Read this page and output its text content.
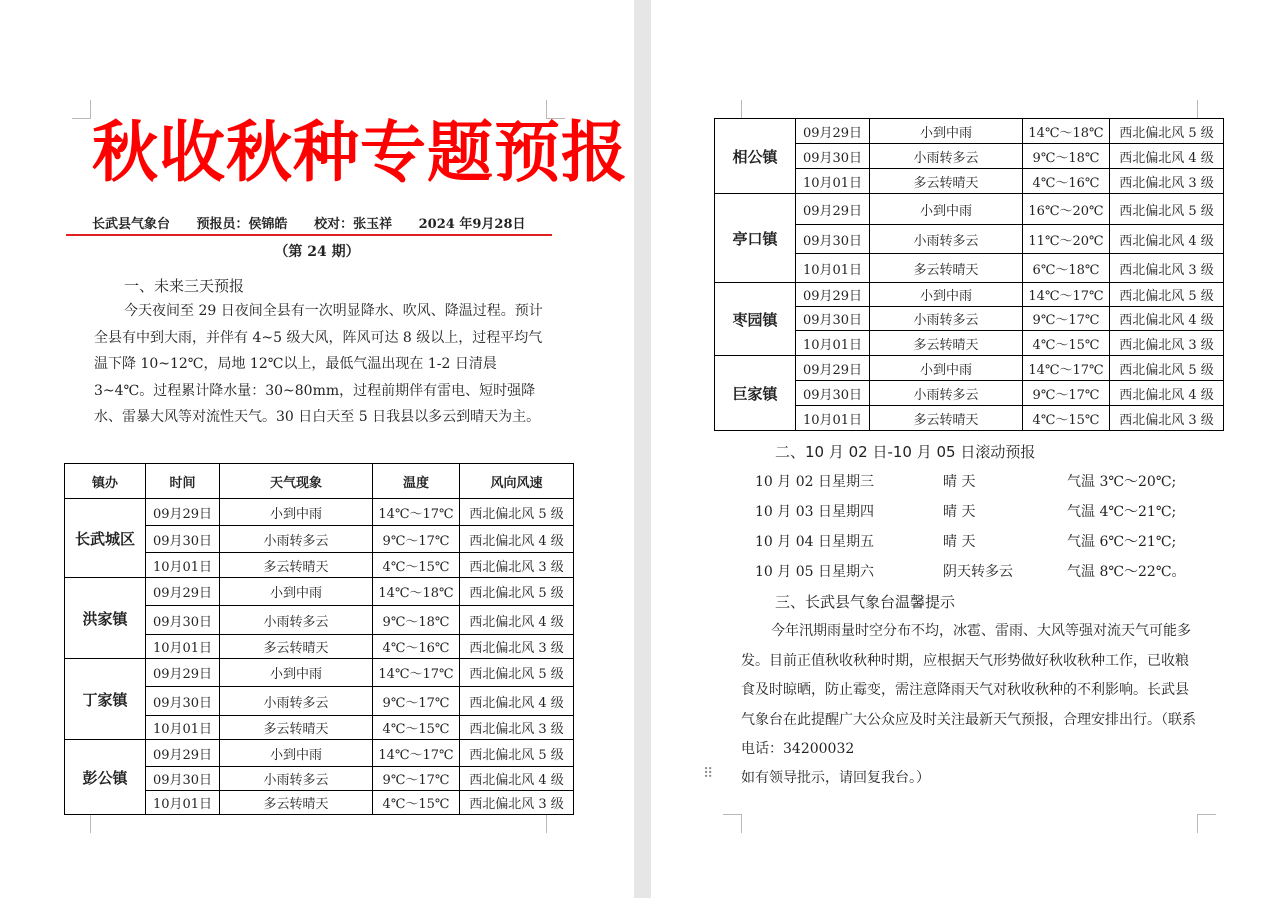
秋收秋种专题预报
长武县气象台 预报员：侯锦皓 校对：张玉祥 2024 年9月28日
（第 24 期）
一、未来三天预报
今天夜间至 29 日夜间全县有一次明显降水、吹风、降温过程。预计全县有中到大雨，并伴有 4~5 级大风，阵风可达 8 级以上，过程平均气温下降 10~12℃，局地 12℃以上，最低气温出现在 1-2 日清晨 3~4℃。过程累计降水量：30~80mm，过程前期伴有雷电、短时强降水、雷暴大风等对流性天气。30 日白天至 5 日我县以多云到晴天为主。
镇办	时间	天气现象	温度	风向风速
长武城区	09月29日	小到中雨	14℃～17℃	西北偏北风 5 级
	09月30日	小雨转多云	9℃～17℃	西北偏北风 4 级
	10月01日	多云转晴天	4℃～15℃	西北偏北风 3 级
洪家镇	09月29日	小到中雨	14℃～18℃	西北偏北风 5 级
	09月30日	小雨转多云	9℃～18℃	西北偏北风 4 级
	10月01日	多云转晴天	4℃～16℃	西北偏北风 3 级
丁家镇	09月29日	小到中雨	14℃～17℃	西北偏北风 5 级
	09月30日	小雨转多云	9℃～17℃	西北偏北风 4 级
	10月01日	多云转晴天	4℃～15℃	西北偏北风 3 级
彭公镇	09月29日	小到中雨	14℃～17℃	西北偏北风 5 级
	09月30日	小雨转多云	9℃～17℃	西北偏北风 4 级
	10月01日	多云转晴天	4℃～15℃	西北偏北风 3 级
相公镇	09月29日	小到中雨	14℃～18℃	西北偏北风 5 级
	09月30日	小雨转多云	9℃～18℃	西北偏北风 4 级
	10月01日	多云转晴天	4℃～16℃	西北偏北风 3 级
亭口镇	09月29日	小到中雨	16℃～20℃	西北偏北风 5 级
	09月30日	小雨转多云	11℃～20℃	西北偏北风 4 级
	10月01日	多云转晴天	6℃～18℃	西北偏北风 3 级
枣园镇	09月29日	小到中雨	14℃～17℃	西北偏北风 5 级
	09月30日	小雨转多云	9℃～17℃	西北偏北风 4 级
	10月01日	多云转晴天	4℃～15℃	西北偏北风 3 级
巨家镇	09月29日	小到中雨	14℃～17℃	西北偏北风 5 级
	09月30日	小雨转多云	9℃～17℃	西北偏北风 4 级
	10月01日	多云转晴天	4℃～15℃	西北偏北风 3 级
二、10 月 02 日-10 月 05 日滚动预报
10 月 02 日星期三	晴 天	气温 3℃～20℃;
10 月 03 日星期四	晴 天	气温 4℃～21℃;
10 月 04 日星期五	晴 天	气温 6℃～21℃;
10 月 05 日星期六	阴天转多云	气温 8℃～22℃。
三、长武县气象台温馨提示
今年汛期雨量时空分布不均，冰雹、雷雨、大风等强对流天气可能多发。目前正值秋收秋种时期，应根据天气形势做好秋收秋种工作，已收粮食及时晾晒，防止霉变，需注意降雨天气对秋收秋种的不利影响。长武县气象台在此提醒广大公众应及时关注最新天气预报，合理安排出行。（联系电话：34200032
如有领导批示，请回复我台。）
⠿
